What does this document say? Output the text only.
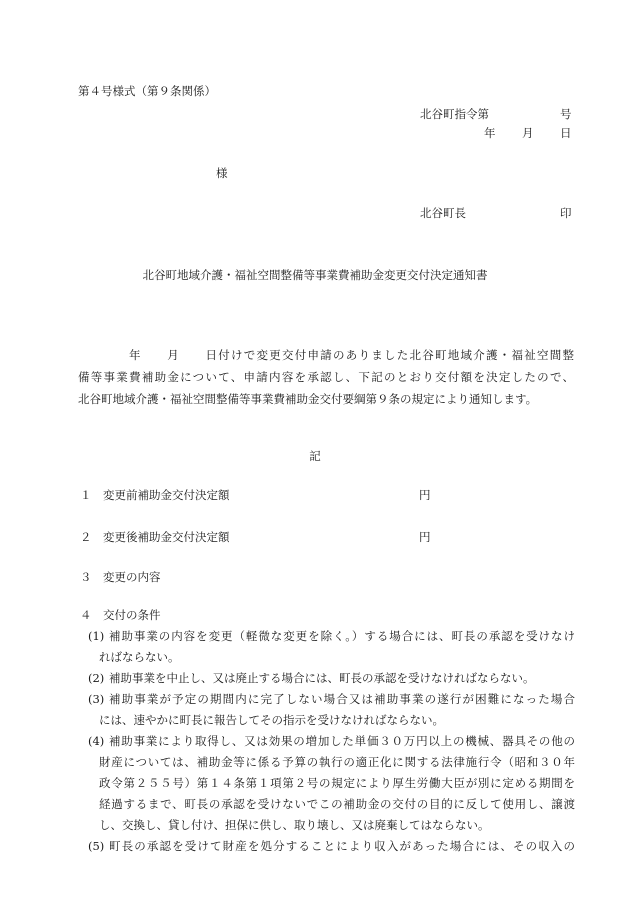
第４号様式（第９条関係）
北谷町指令第	号
年 月 日
様
北谷町長	印
北谷町地域介護・福祉空間整備等事業費補助金変更交付決定通知書
　　　　年　　月　　日付けで変更交付申請のありました北谷町地域介護・福祉空間整
備等事業費補助金について、申請内容を承認し、下記のとおり交付額を決定したので、
北谷町地域介護・福祉空間整備等事業費補助金交付要綱第９条の規定により通知します。
記
１ 変更前補助金交付決定額	円
２ 変更後補助金交付決定額	円
３ 変更の内容
４ 交付の条件
(1) 補助事業の内容を変更（軽微な変更を除く。）する場合には、町長の承認を受けなけ
ればならない。
(2) 補助事業を中止し、又は廃止する場合には、町長の承認を受けなければならない。
(3) 補助事業が予定の期間内に完了しない場合又は補助事業の遂行が困難になった場合
には、速やかに町長に報告してその指示を受けなければならない。
(4) 補助事業により取得し、又は効果の増加した単価３０万円以上の機械、器具その他の
財産については、補助金等に係る予算の執行の適正化に関する法律施行令（昭和３０年
政令第２５５号）第１４条第１項第２号の規定により厚生労働大臣が別に定める期間を
経過するまで、町長の承認を受けないでこの補助金の交付の目的に反して使用し、譲渡
し、交換し、貸し付け、担保に供し、取り壊し、又は廃棄してはならない。
(5) 町長の承認を受けて財産を処分することにより収入があった場合には、その収入の
